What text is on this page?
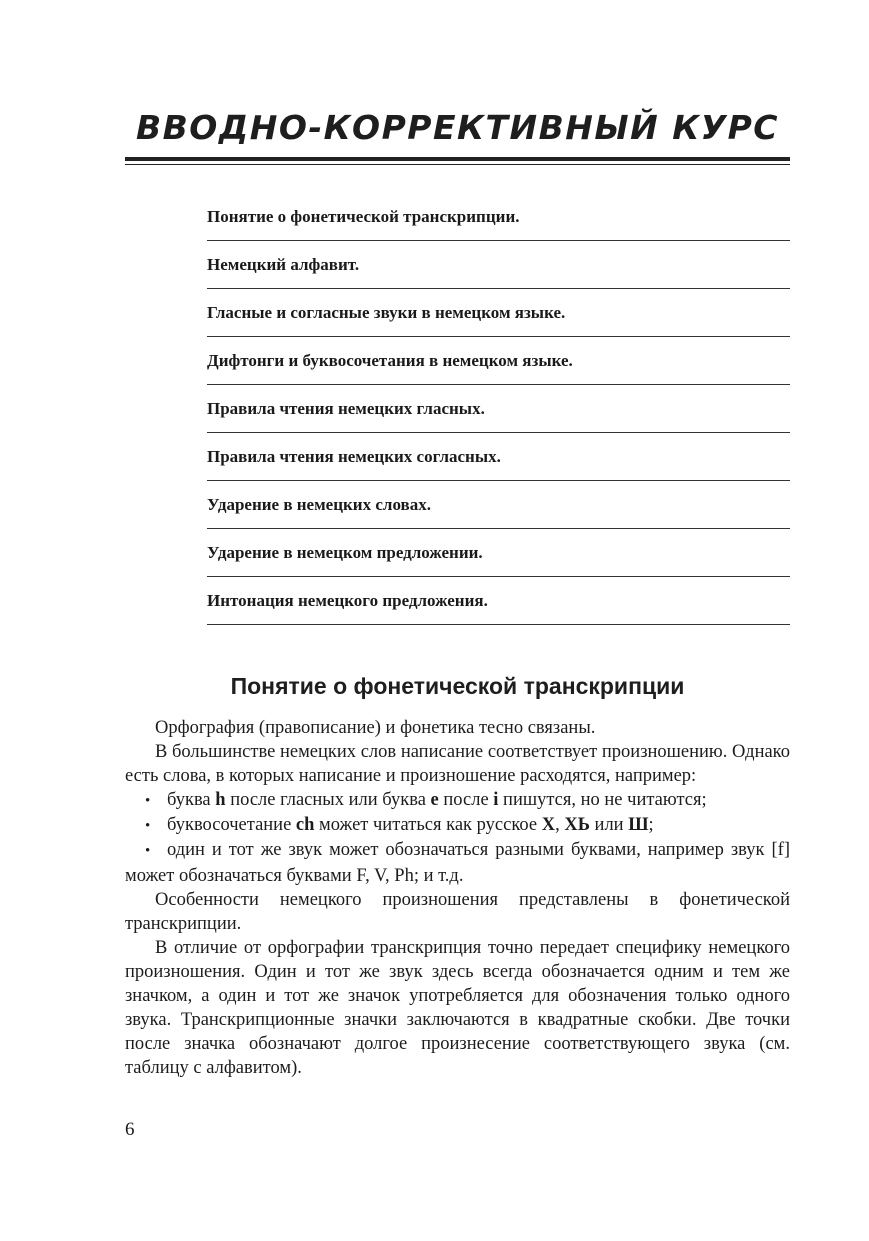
ВВОДНО-КОРРЕКТИВНЫЙ КУРС
Понятие о фонетической транскрипции.
Немецкий алфавит.
Гласные и согласные звуки в немецком языке.
Дифтонги и буквосочетания в немецком языке.
Правила чтения немецких гласных.
Правила чтения немецких согласных.
Ударение в немецких словах.
Ударение в немецком предложении.
Интонация немецкого предложения.
Понятие о фонетической транскрипции

Орфография (правописание) и фонетика тесно связаны.

В большинстве немецких слов написание соответствует произношению. Однако есть слова, в которых написание и произношение расходятся, например:

• буква h после гласных или буква e после i пишутся, но не читаются;

• буквосочетание ch может читаться как русское Х, ХЬ или Ш;

• один и тот же звук может обозначаться разными буквами, например звук [f] может обозначаться буквами F, V, Ph; и т.д.

Особенности немецкого произношения представлены в фонетической транскрипции.

В отличие от орфографии транскрипция точно передает специфику немецкого произношения. Один и тот же звук здесь всегда обозначается одним и тем же значком, а один и тот же значок употребляется для обозначения только одного звука. Транскрипционные значки заключаются в квадратные скобки. Две точки после значка обозначают долгое произнесение соответствующего звука (см. таблицу с алфавитом).

6
